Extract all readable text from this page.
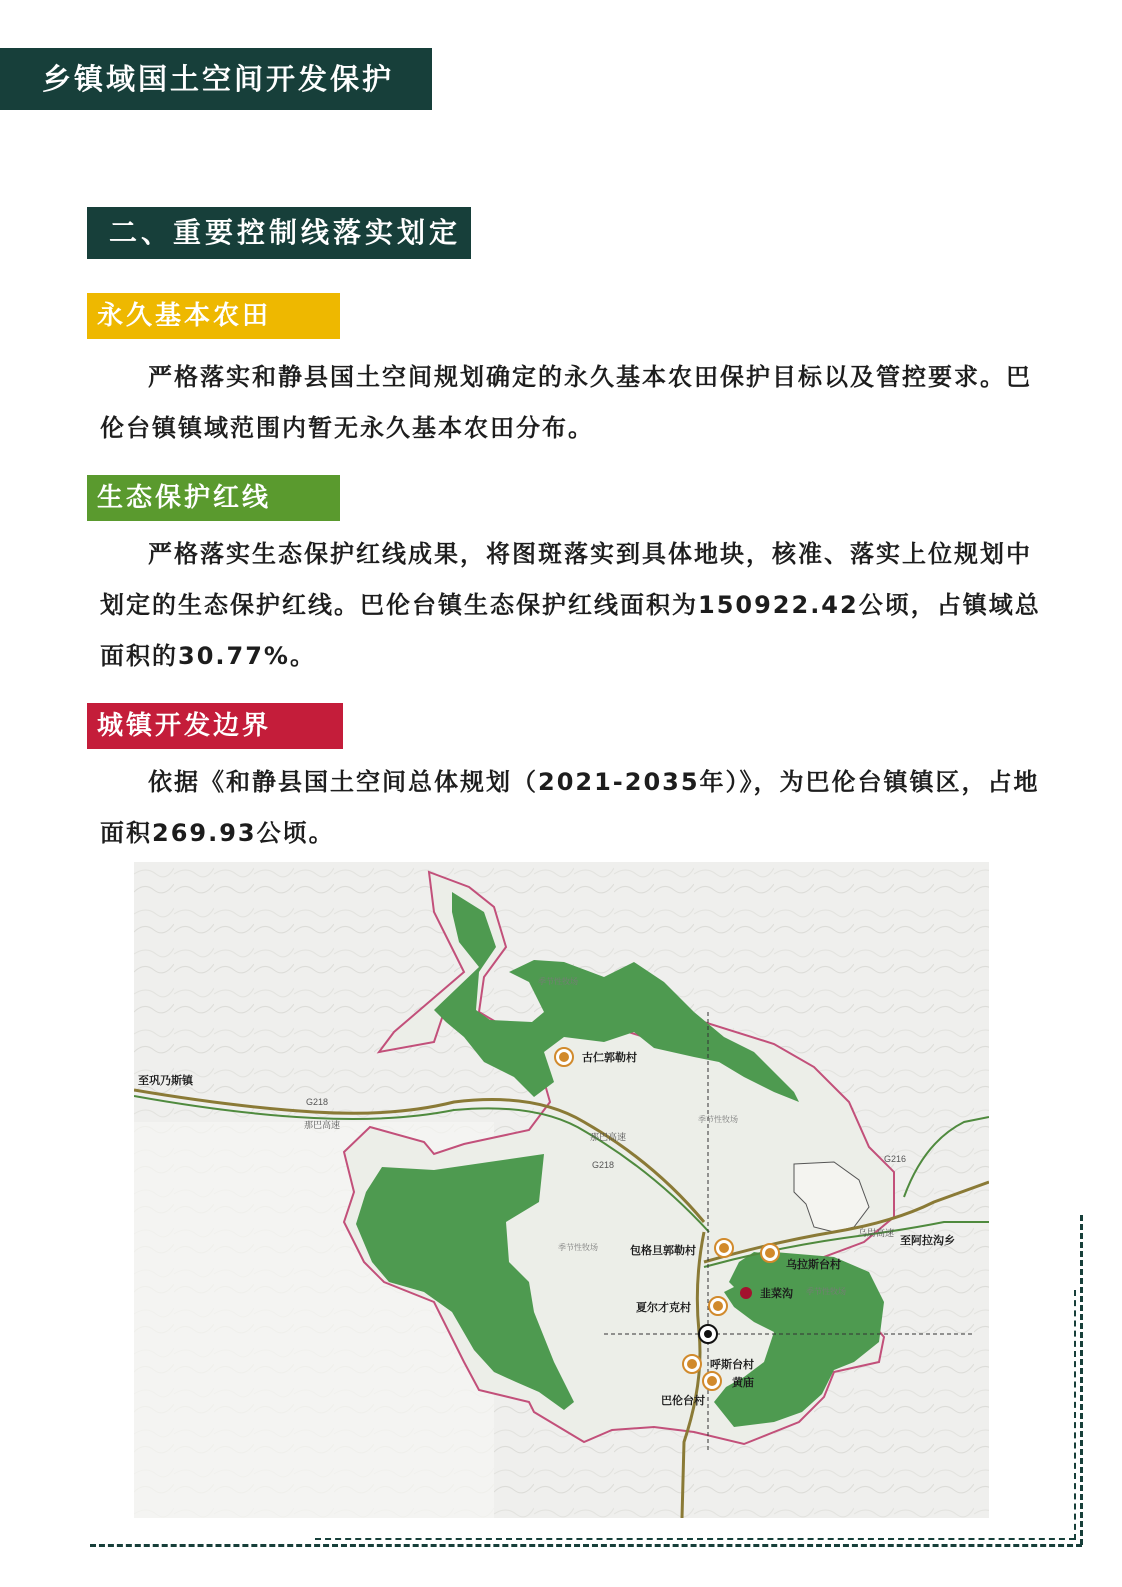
乡镇域国土空间开发保护
二、重要控制线落实划定
永久基本农田

严格落实和静县国土空间规划确定的永久基本农田保护目标以及管控要求。巴伦台镇镇域范围内暂无永久基本农田分布。

生态保护红线

严格落实生态保护红线成果，将图斑落实到具体地块，核准、落实上位规划中划定的生态保护红线。巴伦台镇生态保护红线面积为150922.42公顷，占镇域总面积的30.77%。

城镇开发边界

依据《和静县国土空间总体规划（2021-2035年）》，为巴伦台镇镇区，占地面积269.93公顷。

古仁郭勒村
包格旦郭勒村
乌拉斯台村
夏尔才克村
呼斯台村
巴伦台村
韭菜沟
黄庙
至巩乃斯镇
至阿拉沟乡
G218
G218
G216
那巴高速
那巴高速
乌尉高速
季节性牧场
季节性牧场
季节性牧场
季节性牧场
